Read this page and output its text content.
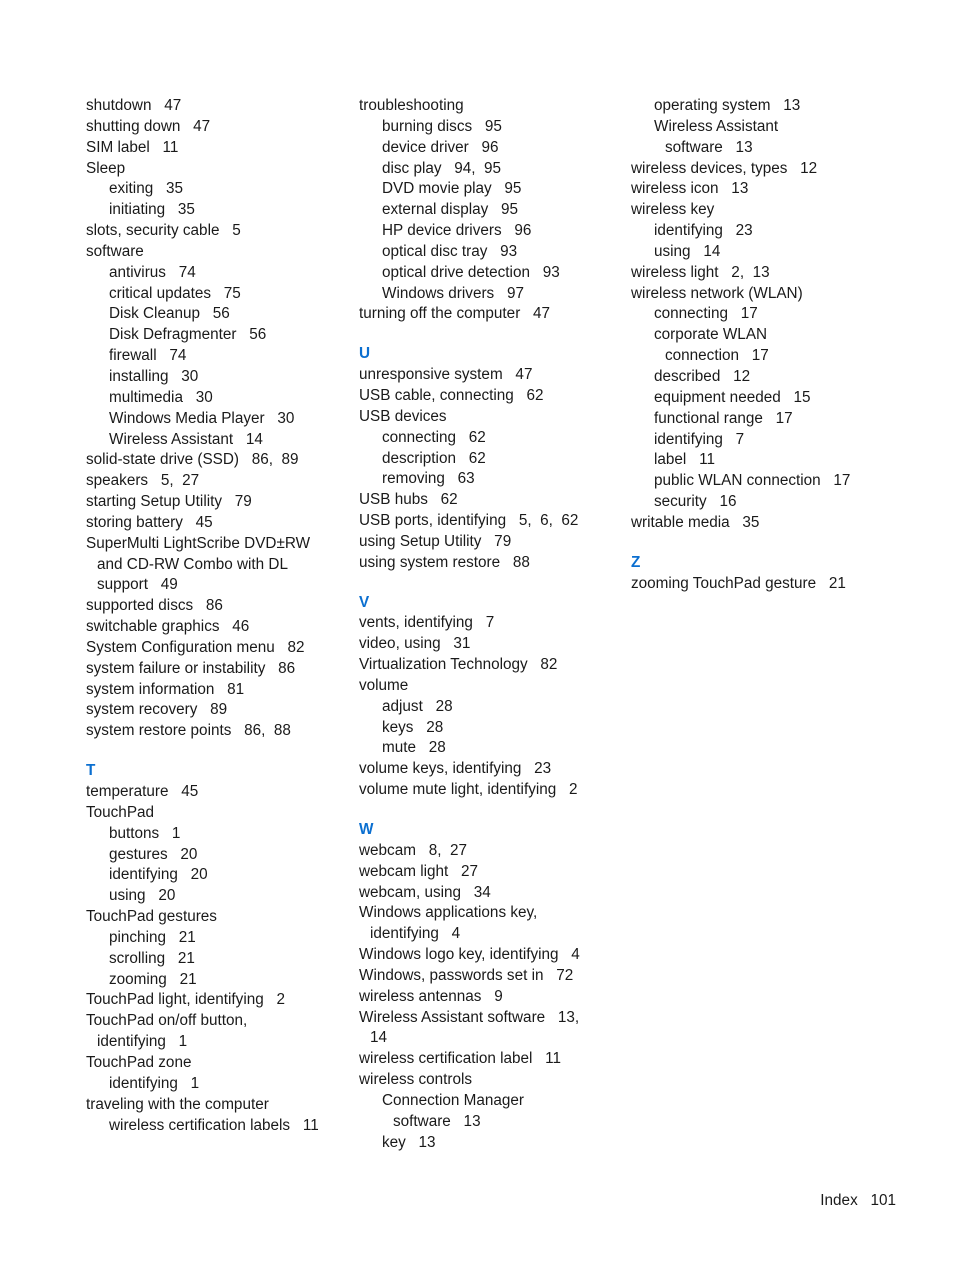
shutdown   47
shutting down   47
SIM label   11
Sleep
exiting   35
initiating   35
slots, security cable   5
software
antivirus   74
critical updates   75
Disk Cleanup   56
Disk Defragmenter   56
firewall   74
installing   30
multimedia   30
Windows Media Player   30
Wireless Assistant   14
solid-state drive (SSD)   86,  89
speakers   5,  27
starting Setup Utility   79
storing battery   45
SuperMulti LightScribe DVD±RW
and CD-RW Combo with DL
support   49
supported discs   86
switchable graphics   46
System Configuration menu   82
system failure or instability   86
system information   81
system recovery   89
system restore points   86,  88
T
temperature   45
TouchPad
buttons   1
gestures   20
identifying   20
using   20
TouchPad gestures
pinching   21
scrolling   21
zooming   21
TouchPad light, identifying   2
TouchPad on/off button,
identifying   1
TouchPad zone
identifying   1
traveling with the computer
wireless certification labels   11
troubleshooting
burning discs   95
device driver   96
disc play   94,  95
DVD movie play   95
external display   95
HP device drivers   96
optical disc tray   93
optical drive detection   93
Windows drivers   97
turning off the computer   47
U
unresponsive system   47
USB cable, connecting   62
USB devices
connecting   62
description   62
removing   63
USB hubs   62
USB ports, identifying   5,  6,  62
using Setup Utility   79
using system restore   88
V
vents, identifying   7
video, using   31
Virtualization Technology   82
volume
adjust   28
keys   28
mute   28
volume keys, identifying   23
volume mute light, identifying   2
W
webcam   8,  27
webcam light   27
webcam, using   34
Windows applications key,
identifying   4
Windows logo key, identifying   4
Windows, passwords set in   72
wireless antennas   9
Wireless Assistant software   13,
14
wireless certification label   11
wireless controls
Connection Manager
software   13
key   13
operating system   13
Wireless Assistant
software   13
wireless devices, types   12
wireless icon   13
wireless key
identifying   23
using   14
wireless light   2,  13
wireless network (WLAN)
connecting   17
corporate WLAN
connection   17
described   12
equipment needed   15
functional range   17
identifying   7
label   11
public WLAN connection   17
security   16
writable media   35
Z
zooming TouchPad gesture   21
Index   101
